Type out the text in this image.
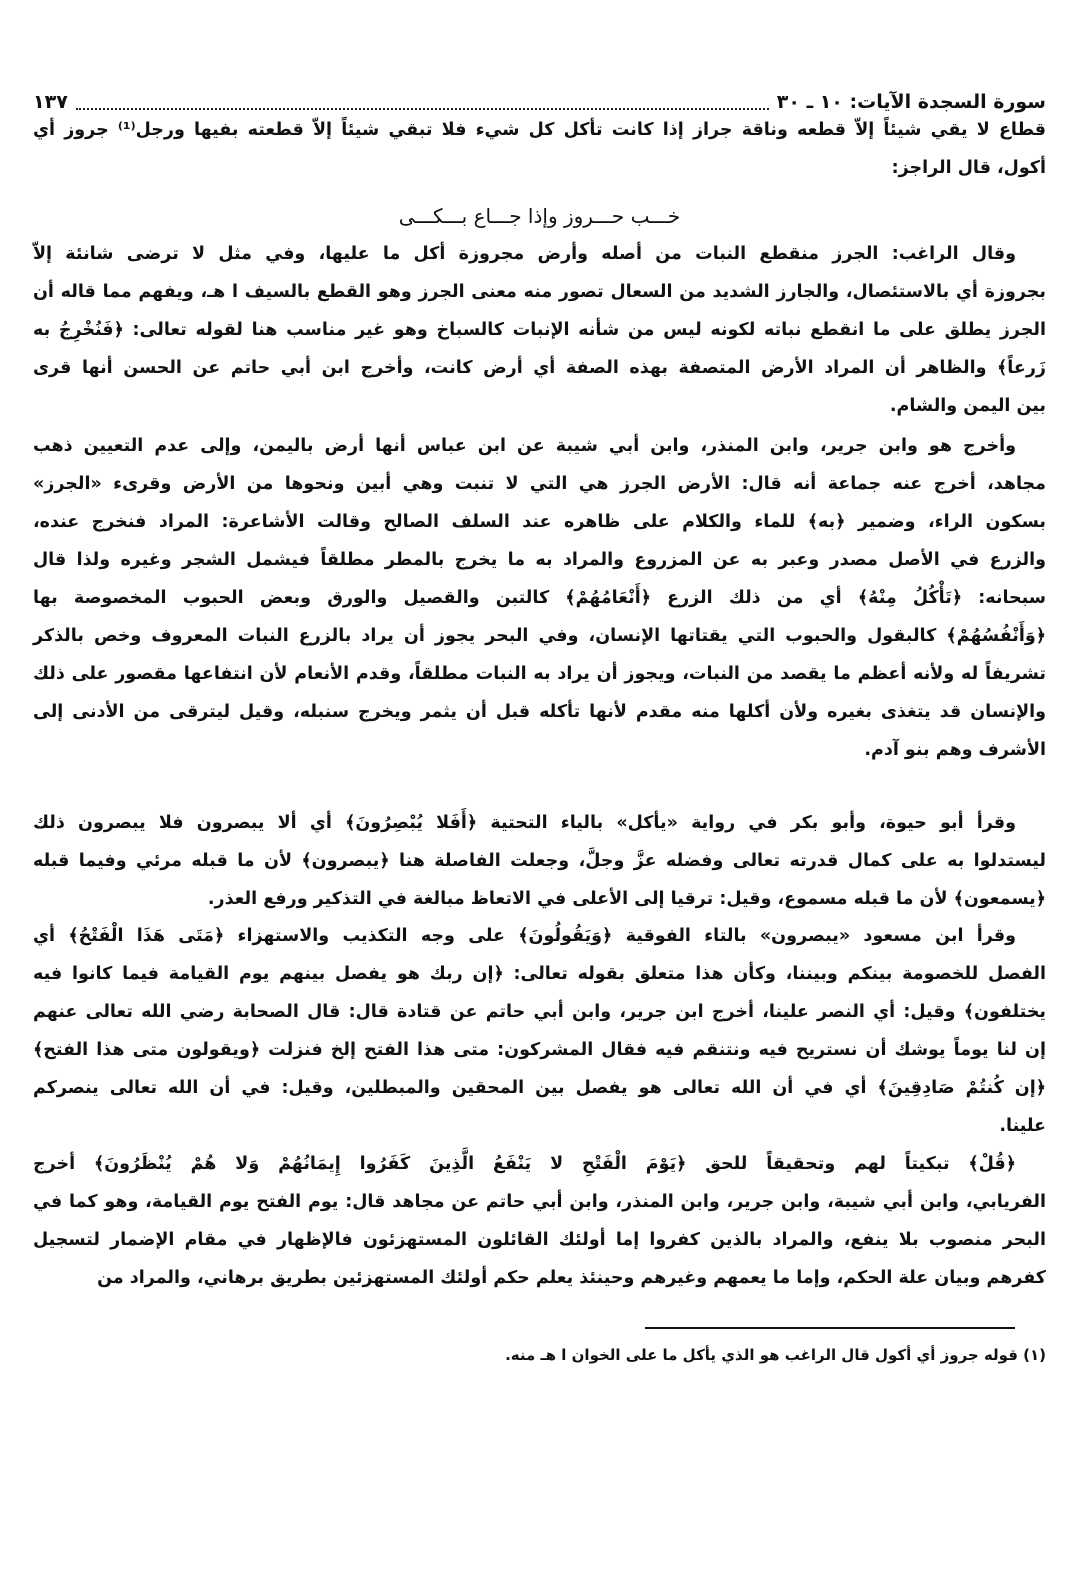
سورة السجدة الآيات: ١٠ ـ ٣٠
١٣٧
قطاع لا يقي شيئاً إلاّ قطعه وناقة جراز إذا كانت تأكل كل شيء فلا تبقي شيئاً إلاّ قطعته بفيها ورجل⁽¹⁾ جروز أي
أكول، قال الراجز:
وقال الراغب: الجرز منقطع النبات من أصله وأرض مجروزة أكل ما عليها، وفي مثل لا ترضى شانئة إلاّ
بجروزة أي بالاستئصال، والجارز الشديد من السعال تصور منه معنى الجرز وهو القطع بالسيف ا هـ، ويفهم مما قاله أن
الجرز يطلق على ما انقطع نباته لكونه ليس من شأنه الإنبات كالسباخ وهو غير مناسب هنا لقوله تعالى: ﴿فَنُخْرِجُ به
زَرعاً﴾ والظاهر أن المراد الأرض المتصفة بهذه الصفة أي أرض كانت، وأخرج ابن أبي حاتم عن الحسن أنها قرى
بين اليمن والشام.
وأخرج هو وابن جرير، وابن المنذر، وابن أبي شيبة عن ابن عباس أنها أرض باليمن، وإلى عدم التعيين ذهب
مجاهد، أخرج عنه جماعة أنه قال: الأرض الجرز هي التي لا تنبت وهي أبين ونحوها من الأرض وقرىء «الجرز»
بسكون الراء، وضمير ﴿به﴾ للماء والكلام على ظاهره عند السلف الصالح وقالت الأشاعرة: المراد فنخرج عنده،
والزرع في الأصل مصدر وعبر به عن المزروع والمراد به ما يخرج بالمطر مطلقاً فيشمل الشجر وغيره ولذا قال
سبحانه: ﴿تَأْكُلُ مِنْهُ﴾ أي من ذلك الزرع ﴿أَنْعَامُهُمْ﴾ كالتبن والقصيل والورق وبعض الحبوب المخصوصة بها
﴿وَأَنْفُسُهُمْ﴾ كالبقول والحبوب التي يقتاتها الإنسان، وفي البحر يجوز أن يراد بالزرع النبات المعروف وخص بالذكر
تشريفاً له ولأنه أعظم ما يقصد من النبات، ويجوز أن يراد به النبات مطلقاً، وقدم الأنعام لأن انتفاعها مقصور على ذلك
والإنسان قد يتغذى بغيره ولأن أكلها منه مقدم لأنها تأكله قبل أن يثمر ويخرج سنبله، وقيل ليترقى من الأدنى إلى
الأشرف وهم بنو آدم.
وقرأ أبو حيوة، وأبو بكر في رواية «يأكل» بالياء التحتية ﴿أَفَلا يُبْصِرُونَ﴾ أي ألا يبصرون فلا يبصرون ذلك
ليستدلوا به على كمال قدرته تعالى وفضله عزَّ وجلَّ، وجعلت الفاصلة هنا ﴿يبصرون﴾ لأن ما قبله مرئي وفيما قبله
﴿يسمعون﴾ لأن ما قبله مسموع، وقيل: ترقيا إلى الأعلى في الاتعاظ مبالغة في التذكير ورفع العذر.
وقرأ ابن مسعود «يبصرون» بالتاء الفوقية ﴿وَيَقُولُونَ﴾ على وجه التكذيب والاستهزاء ﴿مَتَى هَذَا الْفَتْحُ﴾ أي
الفصل للخصومة بينكم وبيننا، وكأن هذا متعلق بقوله تعالى: ﴿إن ربك هو يفصل بينهم يوم القيامة فيما كانوا فيه
يختلفون﴾ وقيل: أي النصر علينا، أخرج ابن جرير، وابن أبي حاتم عن قتادة قال: قال الصحابة رضي الله تعالى عنهم
إن لنا يوماً يوشك أن نستريح فيه ونتنقم فيه فقال المشركون: متى هذا الفتح إلخ فنزلت ﴿ويقولون متى هذا الفتح﴾
﴿إن كُنتُمْ صَادِقِينَ﴾ أي في أن الله تعالى هو يفصل بين المحقين والمبطلين، وقيل: في أن الله تعالى ينصركم
علينا.
﴿قُلْ﴾ تبكيتاً لهم وتحقيقاً للحق ﴿يَوْمَ الْفَتْحِ لا يَنْفَعُ الَّذِينَ كَفَرُوا إِيمَانُهُمْ وَلا هُمْ يُنْظَرُونَ﴾ أخرج
الفريابي، وابن أبي شيبة، وابن جرير، وابن المنذر، وابن أبي حاتم عن مجاهد قال: يوم الفتح يوم القيامة، وهو كما في
البحر منصوب بلا ينفع، والمراد بالذين كفروا إما أولئك القائلون المستهزئون فالإظهار في مقام الإضمار لتسجيل
كفرهم وبيان علة الحكم، وإما ما يعمهم وغيرهم وحينئذ يعلم حكم أولئك المستهزئين بطريق برهاني، والمراد من
خـــب حـــروز وإذا جـــاع بـــكـــى
(١) قوله جروز أي أكول قال الراغب هو الذي يأكل ما على الخوان ا هـ منه.
